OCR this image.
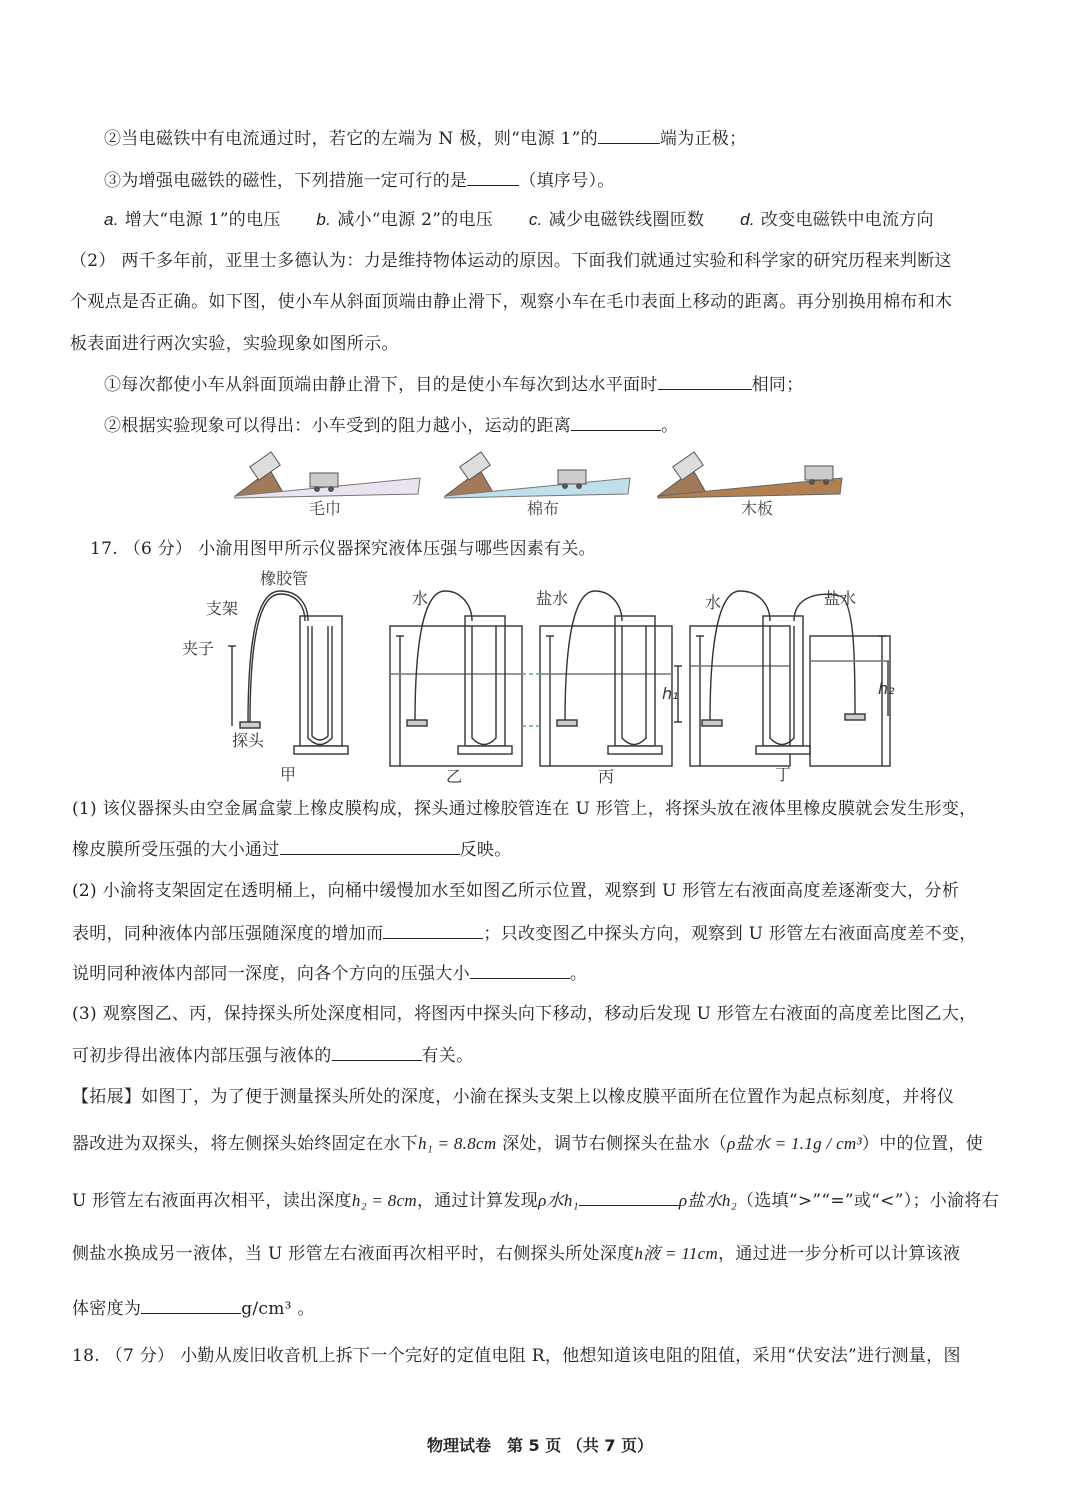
②当电磁铁中有电流通过时，若它的左端为 N 极，则“电源 1”的	端为正极；
③为增强电磁铁的磁性，下列措施一定可行的是	（填序号）。
a. 增大“电源 1”的电压 b. 减小“电源 2”的电压 c. 减少电磁铁线圈匝数 d. 改变电磁铁中电流方向
（2） 两千多年前，亚里士多德认为：力是维持物体运动的原因。下面我们就通过实验和科学家的研究历程来判断这
个观点是否正确。如下图，使小车从斜面顶端由静止滑下，观察小车在毛巾表面上移动的距离。再分别换用棉布和木
板表面进行两次实验，实验现象如图所示。
①每次都使小车从斜面顶端由静止滑下，目的是使小车每次到达水平面时	相同；
②根据实验现象可以得出：小车受到的阻力越小，运动的距离	。
毛巾	棉布	木板
17. （6 分） 小渝用图甲所示仪器探究液体压强与哪些因素有关。
橡胶管
支架
夹子
探头
水	盐水	水	盐水
h₁	h₂
甲	乙	丙	丁
(1) 该仪器探头由空金属盒蒙上橡皮膜构成，探头通过橡胶管连在 U 形管上，将探头放在液体里橡皮膜就会发生形变，
橡皮膜所受压强的大小通过	反映。
(2) 小渝将支架固定在透明桶上，向桶中缓慢加水至如图乙所示位置，观察到 U 形管左右液面高度差逐渐变大，分析
表明，同种液体内部压强随深度的增加而	；只改变图乙中探头方向，观察到 U 形管左右液面高度差不变，
说明同种液体内部同一深度，向各个方向的压强大小	。
(3) 观察图乙、丙，保持探头所处深度相同，将图丙中探头向下移动，移动后发现 U 形管左右液面的高度差比图乙大，
可初步得出液体内部压强与液体的	有关。
【拓展】如图丁，为了便于测量探头所处的深度，小渝在探头支架上以橡皮膜平面所在位置作为起点标刻度，并将仪
器改进为双探头，将左侧探头始终固定在水下h₁ = 8.8cm 深处，调节右侧探头在盐水（ρ盐水 = 1.1g / cm³）中的位置，使
U 形管左右液面再次相平，读出深度h₂ = 8cm，通过计算发现ρ水h₁	ρ盐水h₂（选填“>”“=”或“<”）；小渝将右
侧盐水换成另一液体，当 U 形管左右液面再次相平时，右侧探头所处深度h液 = 11cm，通过进一步分析可以计算该液
体密度为	g/cm³ 。
18. （7 分） 小勤从废旧收音机上拆下一个完好的定值电阻 R，他想知道该电阻的阻值，采用“伏安法”进行测量，图
物理试卷　第 5 页 （共 7 页）
